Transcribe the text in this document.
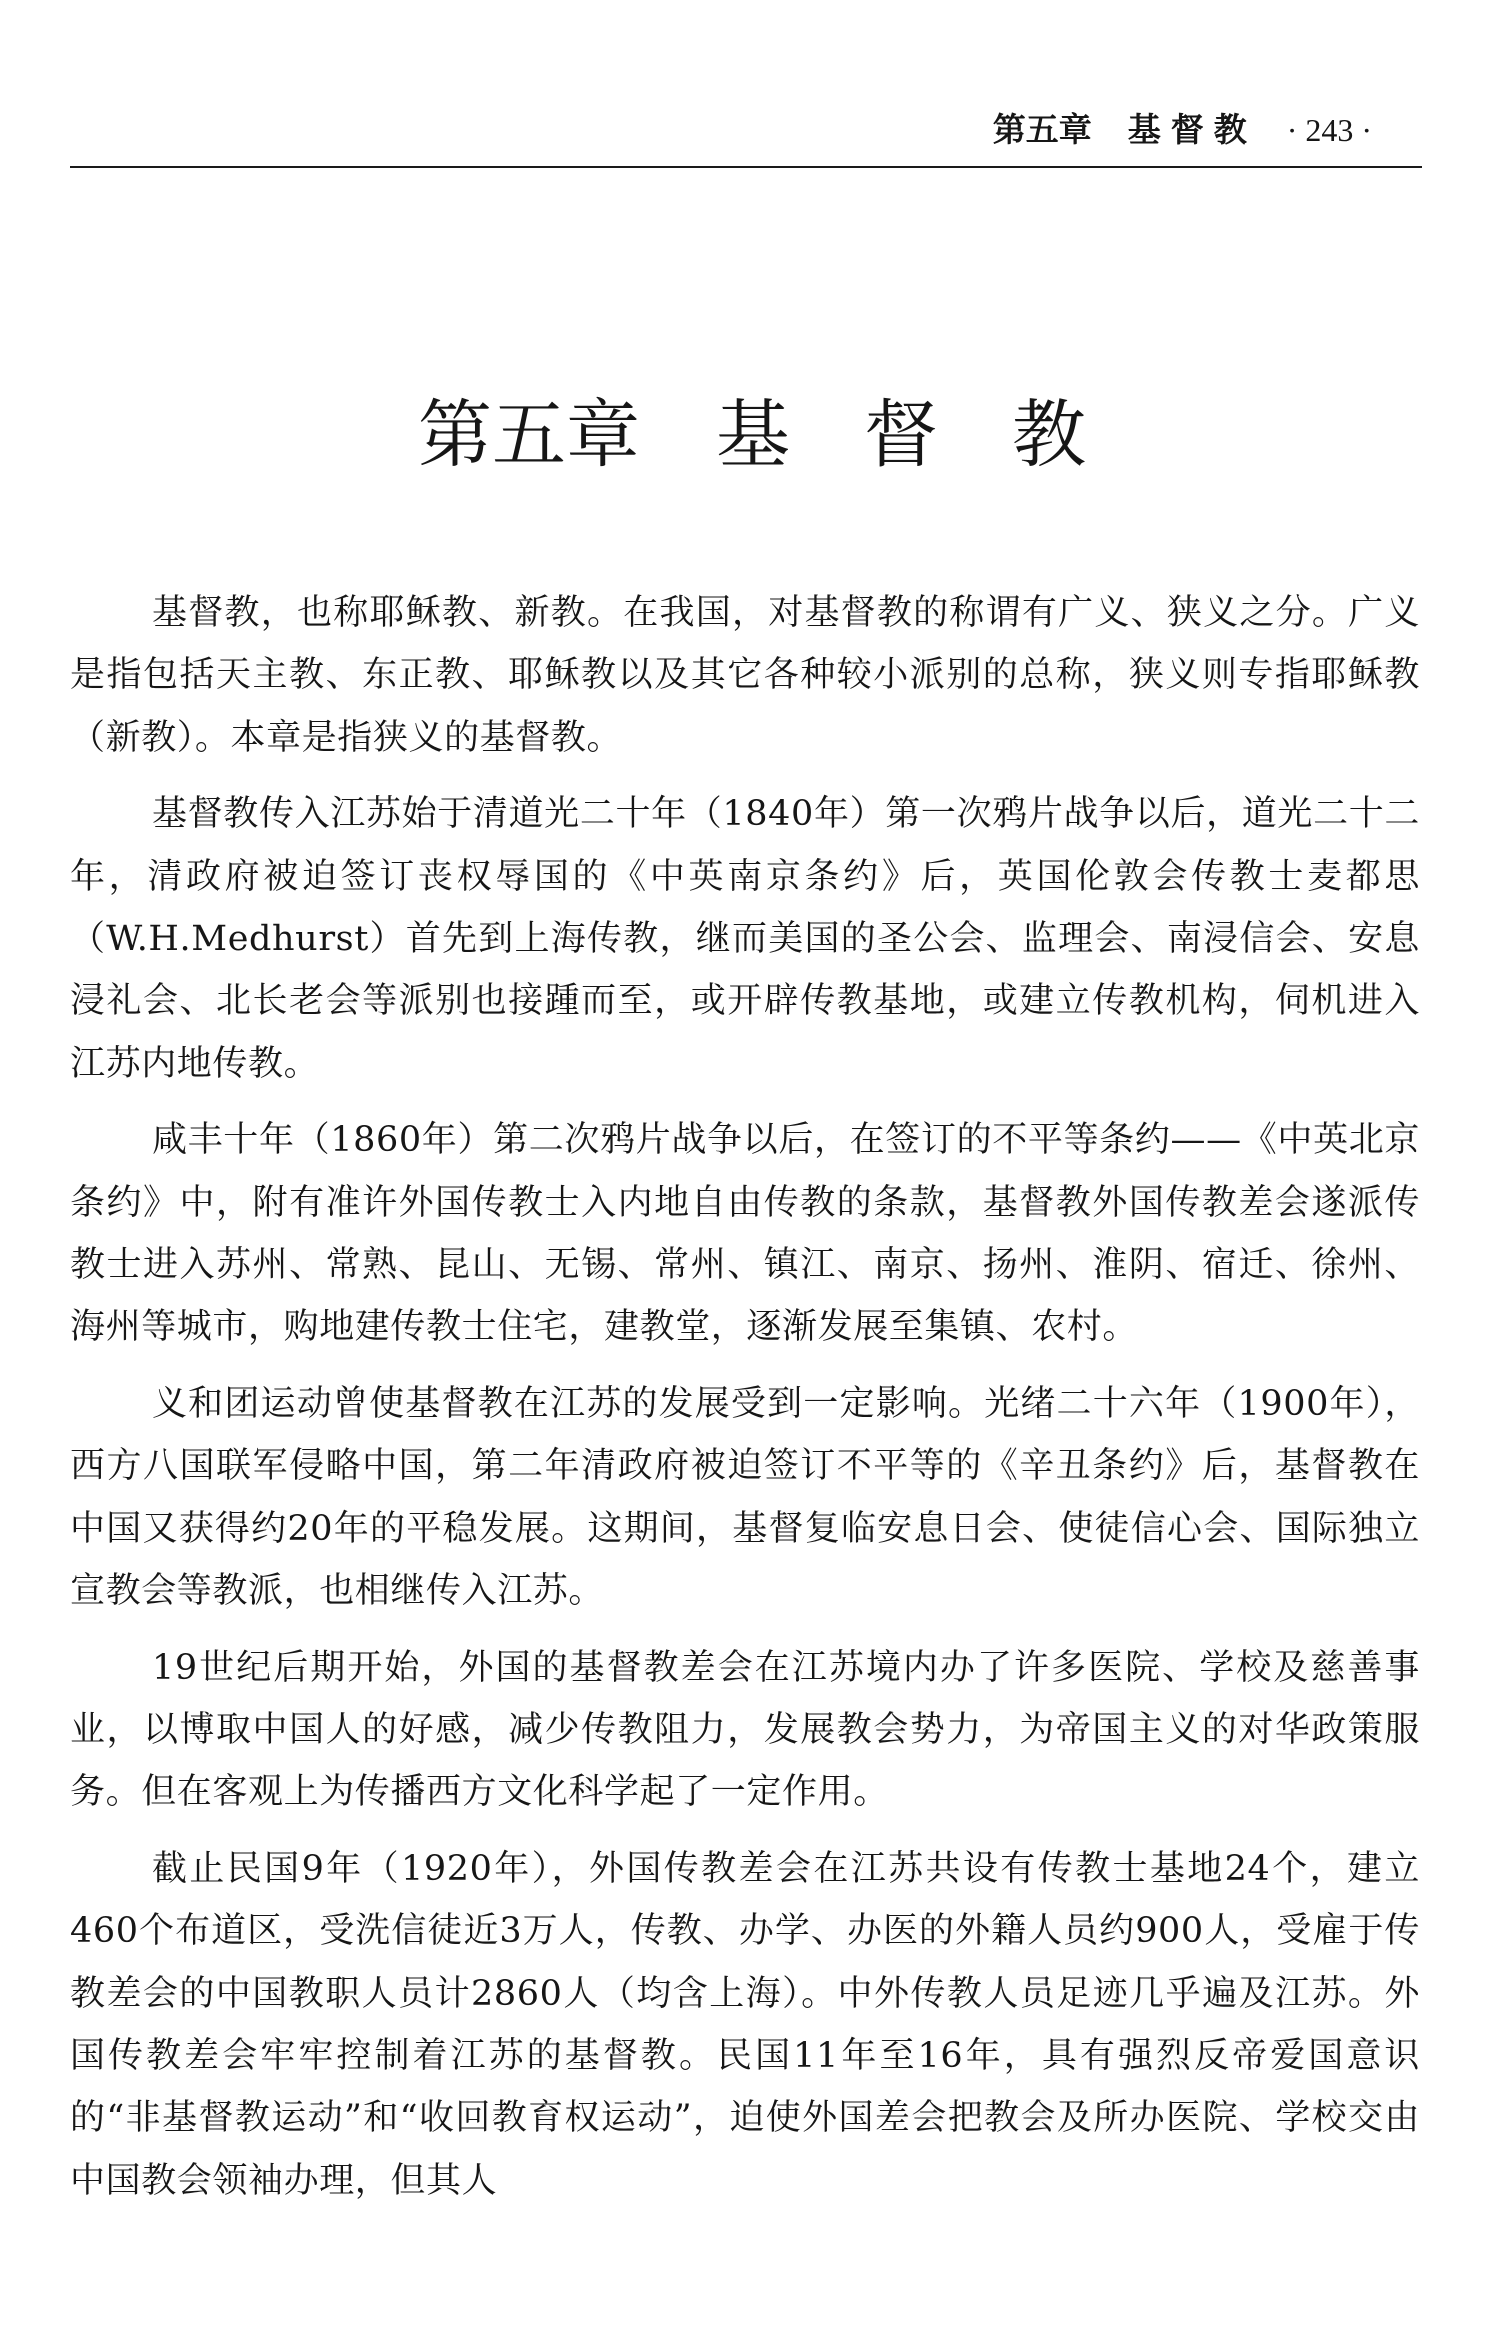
第五章 基督教 · 243 ·
第五章 基督教

基督教，也称耶稣教、新教。在我国，对基督教的称谓有广义、狭义之分。广义是指包括天主教、东正教、耶稣教以及其它各种较小派别的总称，狭义则专指耶稣教（新教）。本章是指狭义的基督教。

基督教传入江苏始于清道光二十年（1840年）第一次鸦片战争以后，道光二十二年，清政府被迫签订丧权辱国的《中英南京条约》后，英国伦敦会传教士麦都思（W.H.Medhurst）首先到上海传教，继而美国的圣公会、监理会、南浸信会、安息浸礼会、北长老会等派别也接踵而至，或开辟传教基地，或建立传教机构，伺机进入江苏内地传教。

咸丰十年（1860年）第二次鸦片战争以后，在签订的不平等条约——《中英北京条约》中，附有准许外国传教士入内地自由传教的条款，基督教外国传教差会遂派传教士进入苏州、常熟、昆山、无锡、常州、镇江、南京、扬州、淮阴、宿迁、徐州、海州等城市，购地建传教士住宅，建教堂，逐渐发展至集镇、农村。

义和团运动曾使基督教在江苏的发展受到一定影响。光绪二十六年（1900年），西方八国联军侵略中国，第二年清政府被迫签订不平等的《辛丑条约》后，基督教在中国又获得约20年的平稳发展。这期间，基督复临安息日会、使徒信心会、国际独立宣教会等教派，也相继传入江苏。

19世纪后期开始，外国的基督教差会在江苏境内办了许多医院、学校及慈善事业，以博取中国人的好感，减少传教阻力，发展教会势力，为帝国主义的对华政策服务。但在客观上为传播西方文化科学起了一定作用。

截止民国9年（1920年），外国传教差会在江苏共设有传教士基地24个，建立460个布道区，受洗信徒近3万人，传教、办学、办医的外籍人员约900人，受雇于传教差会的中国教职人员计2860人（均含上海）。中外传教人员足迹几乎遍及江苏。外国传教差会牢牢控制着江苏的基督教。民国11年至16年，具有强烈反帝爱国意识的“非基督教运动”和“收回教育权运动”，迫使外国差会把教会及所办医院、学校交由中国教会领袖办理，但其人
